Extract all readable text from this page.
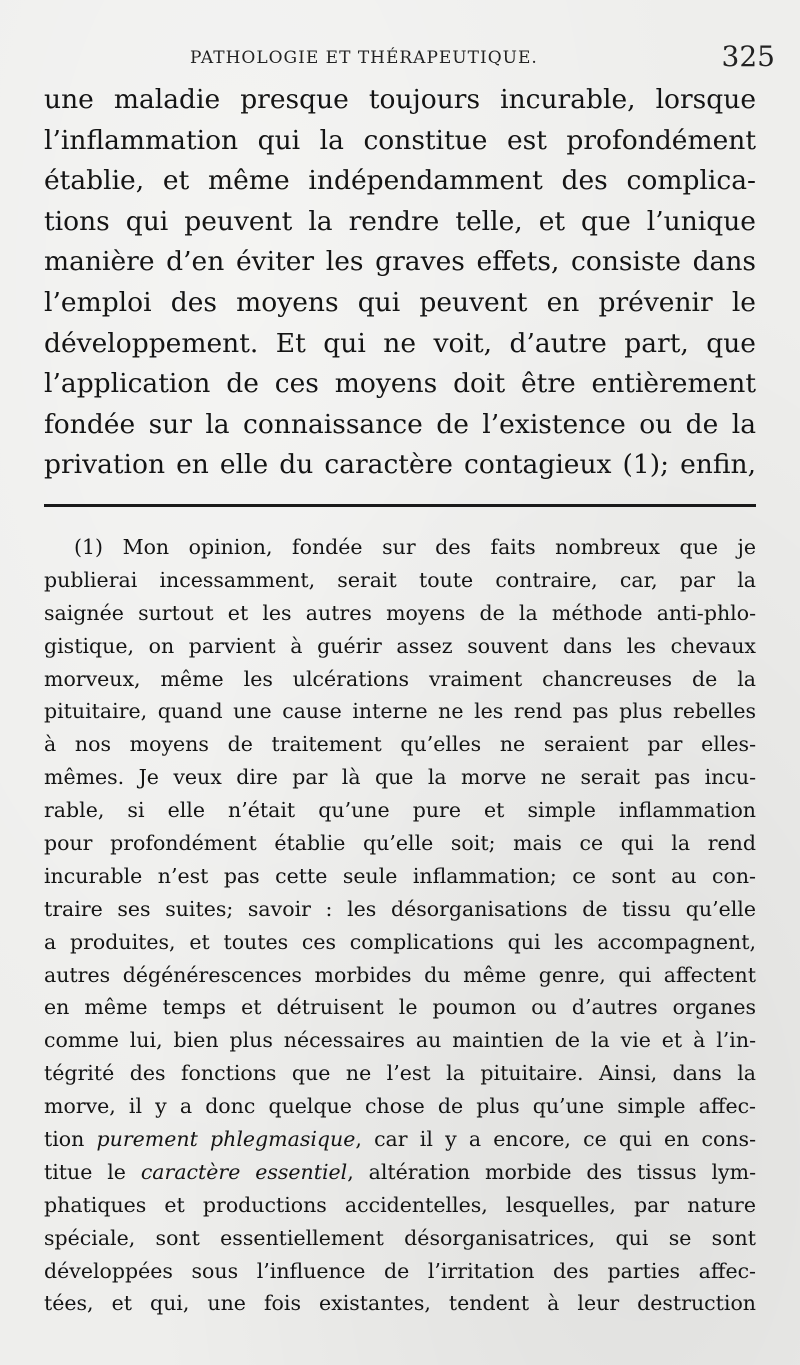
PATHOLOGIE ET THÉRAPEUTIQUE.	325
une maladie presque toujours incurable, lorsque
l’inflammation qui la constitue est profondément
établie, et même indépendamment des complica-
tions qui peuvent la rendre telle, et que l’unique
manière d’en éviter les graves effets, consiste dans
l’emploi des moyens qui peuvent en prévenir le
développement. Et qui ne voit, d’autre part, que
l’application de ces moyens doit être entièrement
fondée sur la connaissance de l’existence ou de la
privation en elle du caractère contagieux (1); enfin,
(1) Mon opinion, fondée sur des faits nombreux que je
publierai incessamment, serait toute contraire, car, par la
saignée surtout et les autres moyens de la méthode anti-phlo-
gistique, on parvient à guérir assez souvent dans les chevaux
morveux, même les ulcérations vraiment chancreuses de la
pituitaire, quand une cause interne ne les rend pas plus rebelles
à nos moyens de traitement qu’elles ne seraient par elles-
mêmes. Je veux dire par là que la morve ne serait pas incu-
rable, si elle n’était qu’une pure et simple inflammation
pour profondément établie qu’elle soit; mais ce qui la rend
incurable n’est pas cette seule inflammation; ce sont au con-
traire ses suites; savoir : les désorganisations de tissu qu’elle
a produites, et toutes ces complications qui les accompagnent,
autres dégénérescences morbides du même genre, qui affectent
en même temps et détruisent le poumon ou d’autres organes
comme lui, bien plus nécessaires au maintien de la vie et à l’in-
tégrité des fonctions que ne l’est la pituitaire. Ainsi, dans la
morve, il y a donc quelque chose de plus qu’une simple affec-
tion purement phlegmasique, car il y a encore, ce qui en cons-
titue le caractère essentiel, altération morbide des tissus lym-
phatiques et productions accidentelles, lesquelles, par nature
spéciale, sont essentiellement désorganisatrices, qui se sont
développées sous l’influence de l’irritation des parties affec-
tées, et qui, une fois existantes, tendent à leur destruction
